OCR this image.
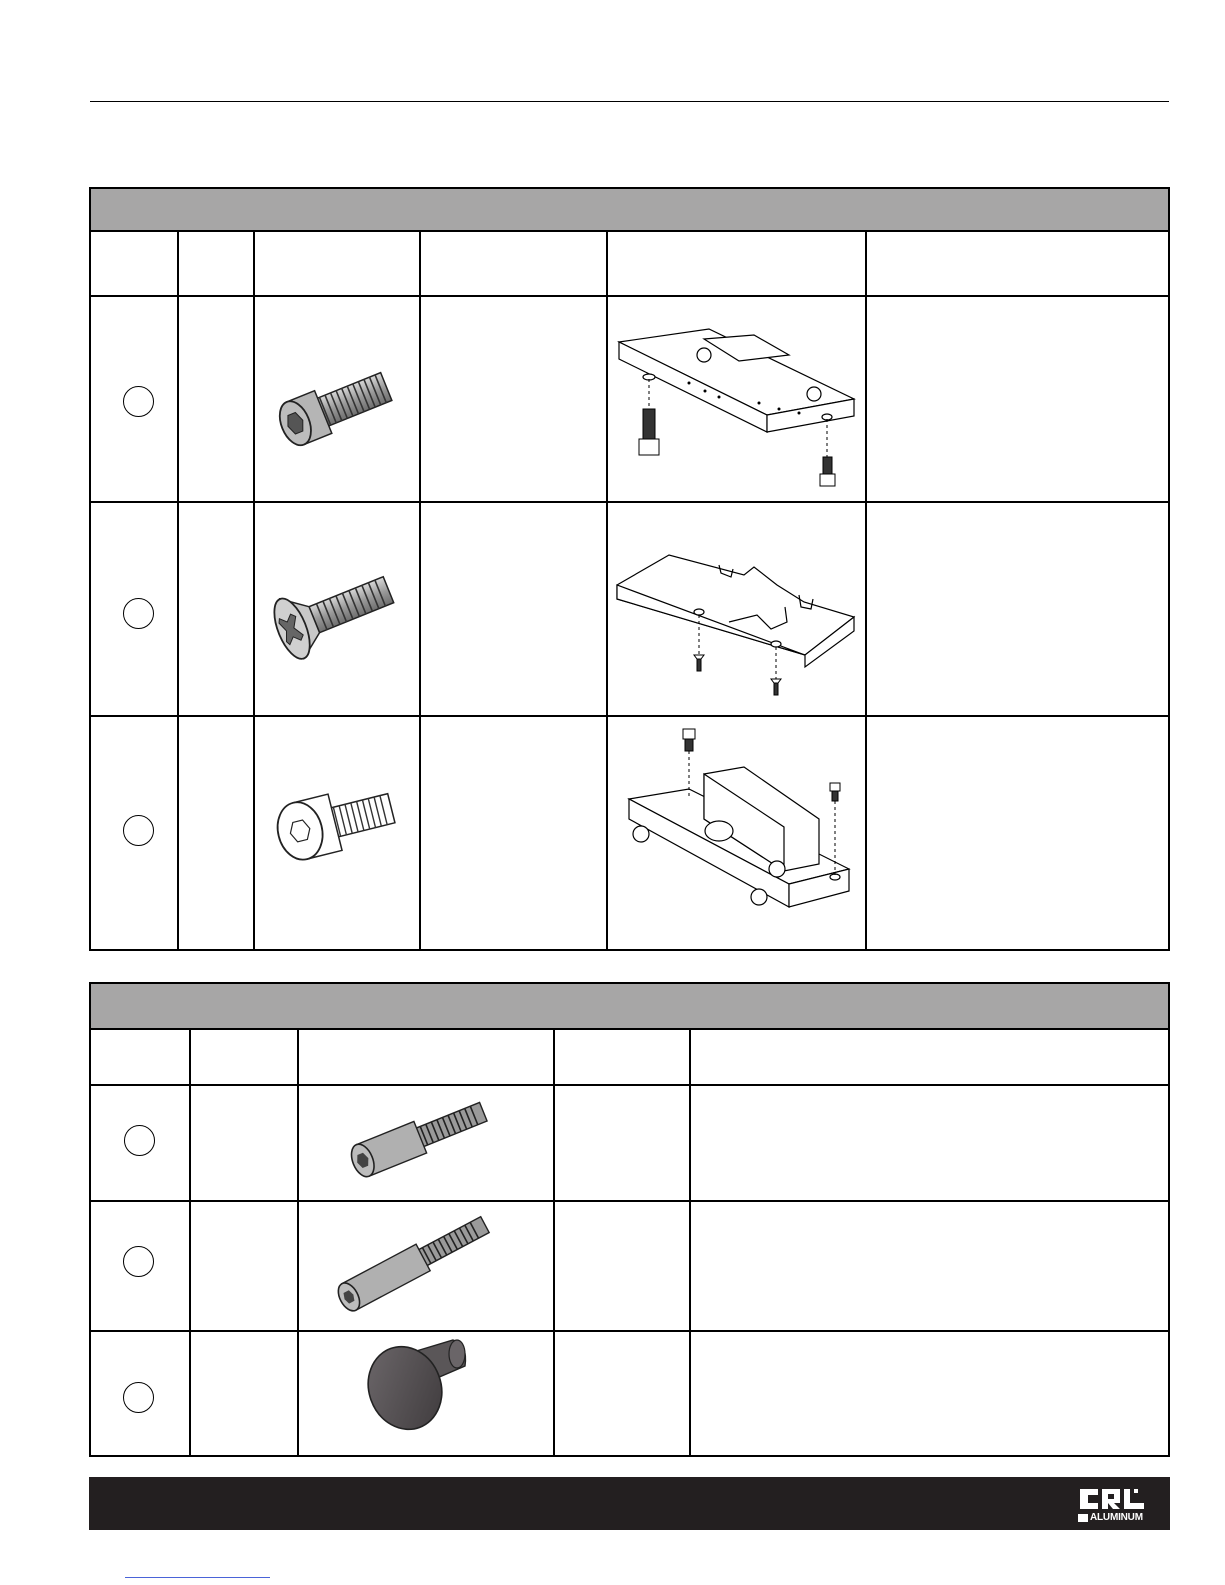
ALUMINUM
